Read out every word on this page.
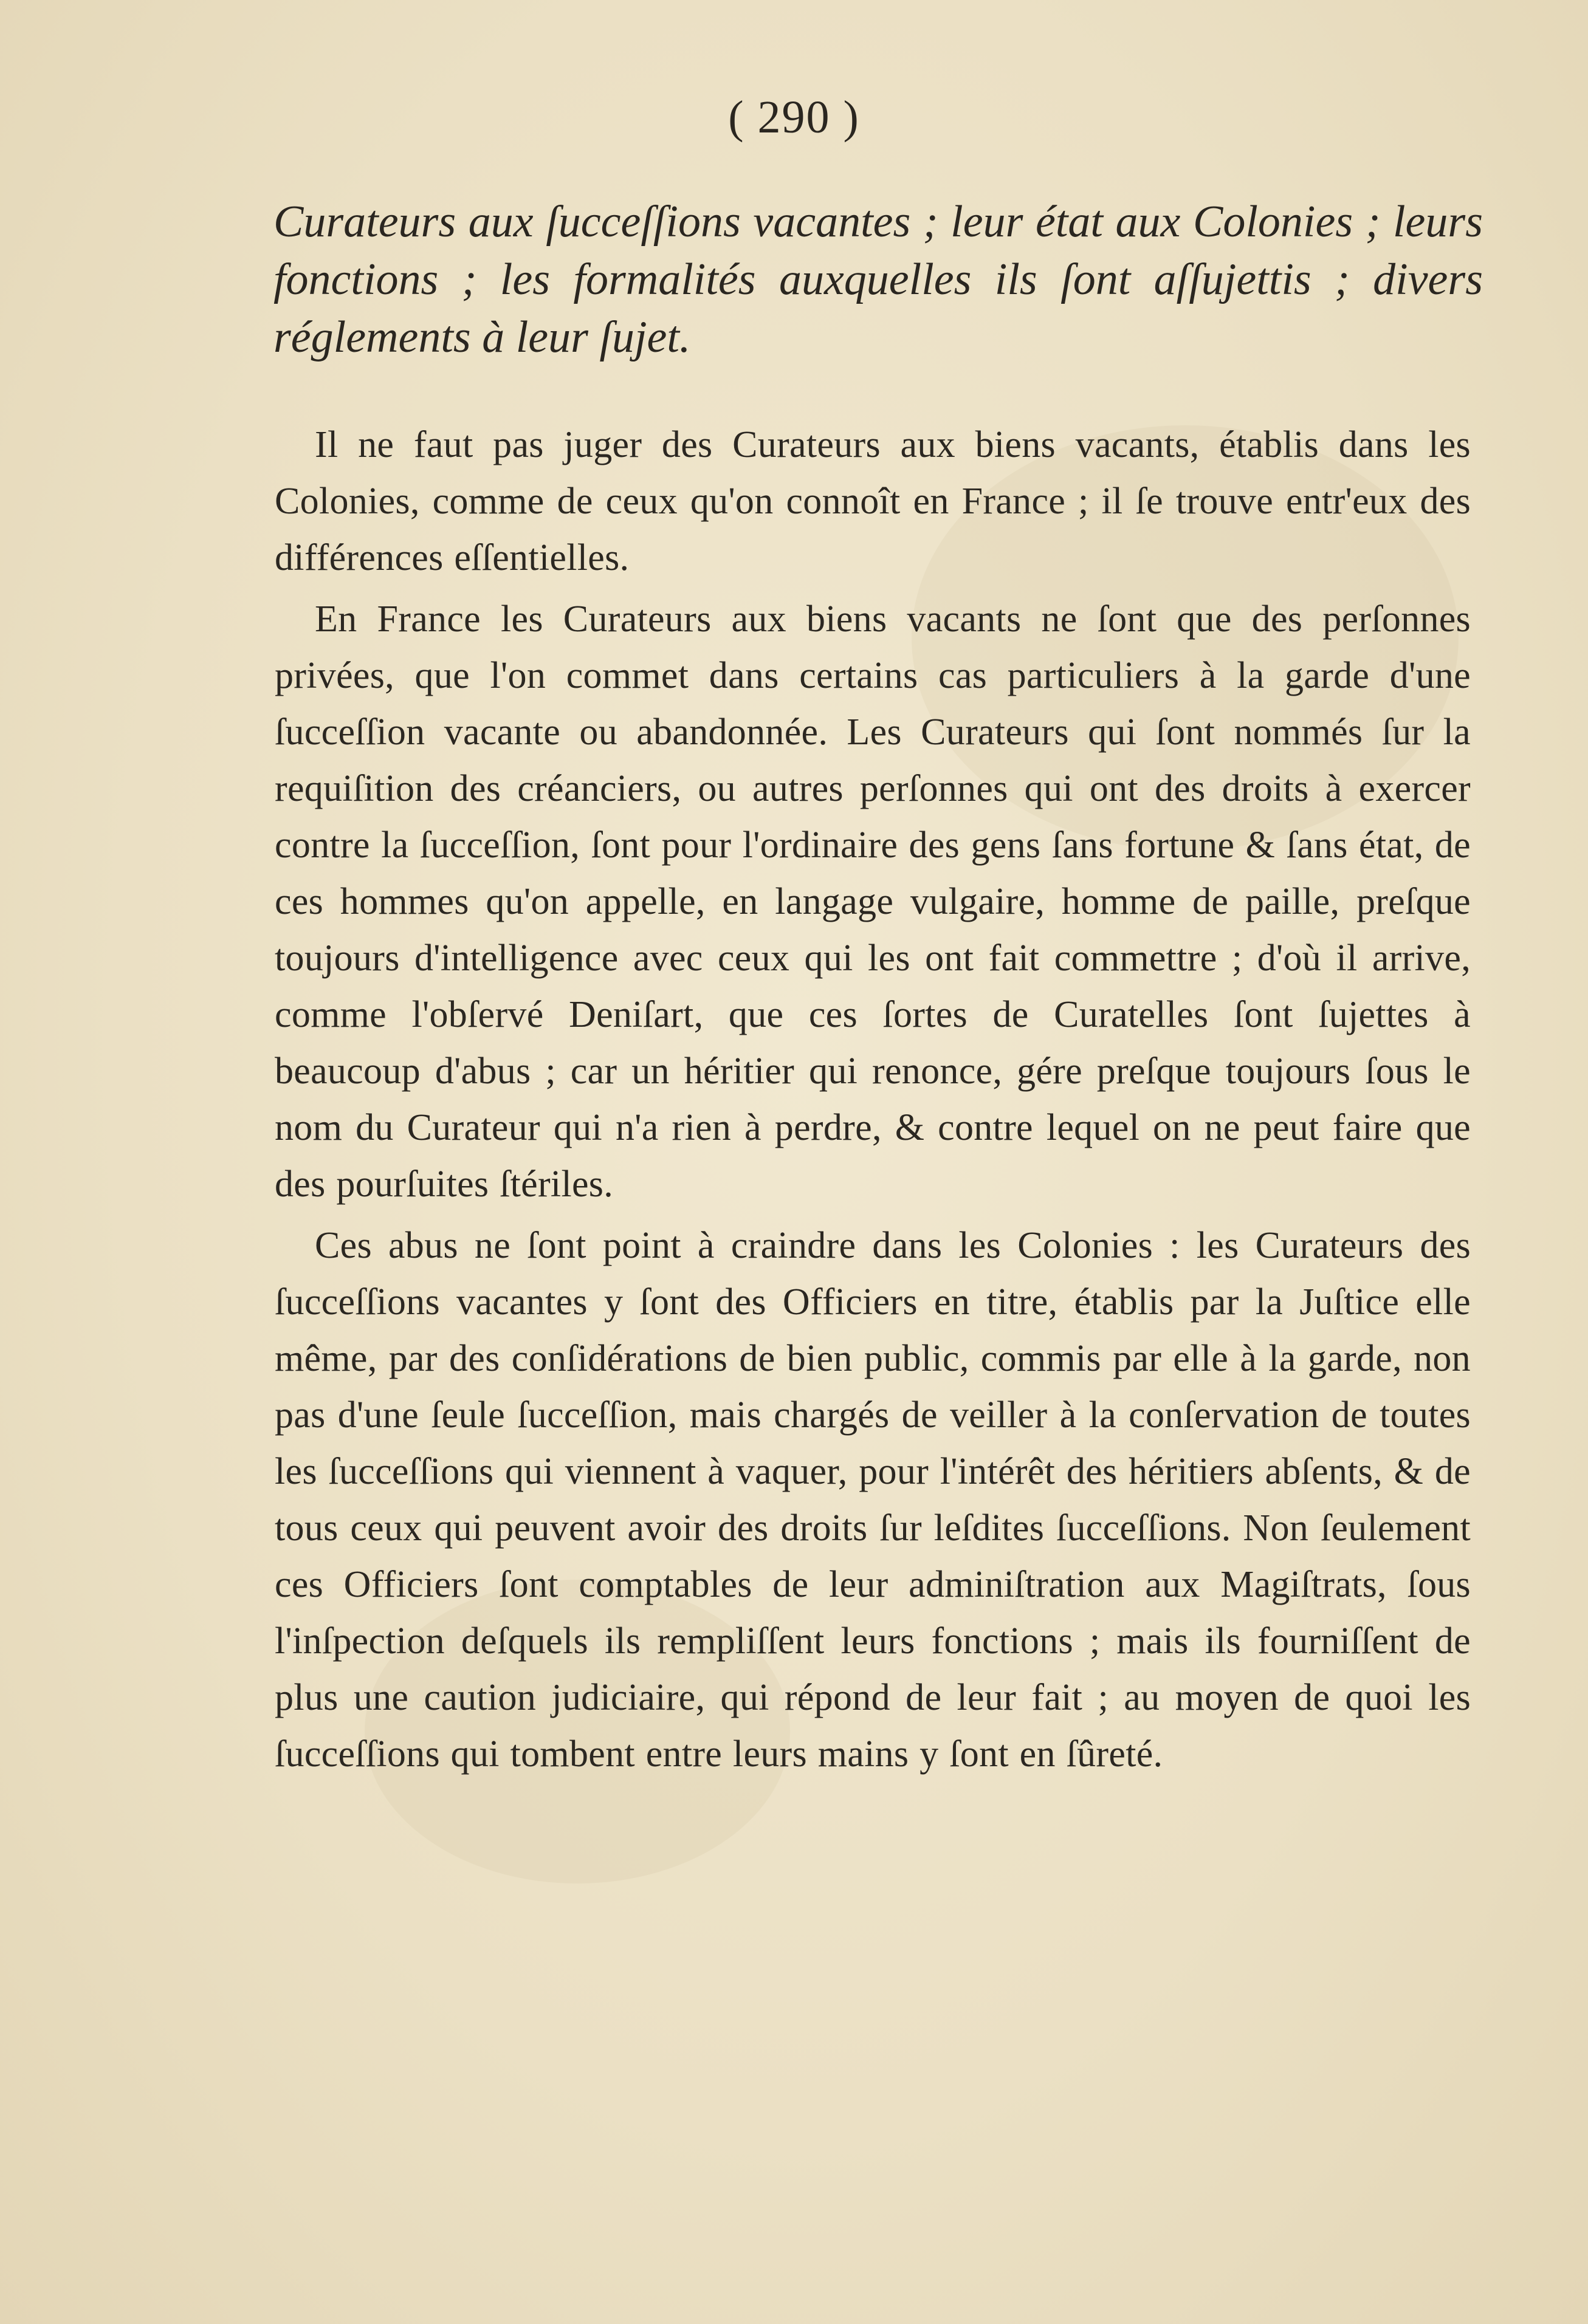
( 290 )
Curateurs aux ſucceſſions vacantes ; leur état aux Colonies ; leurs fonctions ; les formalités auxquelles ils ſont aſſujettis ; divers réglements à leur ſujet.

Il ne faut pas juger des Curateurs aux biens vacants, établis dans les Colonies, comme de ceux qu'on connoît en France ; il ſe trouve entr'eux des différences eſſentielles.

En France les Curateurs aux biens vacants ne ſont que des perſonnes privées, que l'on commet dans certains cas particuliers à la garde d'une ſucceſſion vacante ou abandonnée. Les Curateurs qui ſont nommés ſur la requiſition des créanciers, ou autres perſonnes qui ont des droits à exercer contre la ſucceſſion, ſont pour l'ordinaire des gens ſans fortune & ſans état, de ces hommes qu'on appelle, en langage vulgaire, homme de paille, preſque toujours d'intelligence avec ceux qui les ont fait commettre ; d'où il arrive, comme l'obſervé Deniſart, que ces ſortes de Curatelles ſont ſujettes à beaucoup d'abus ; car un héritier qui renonce, gére preſque toujours ſous le nom du Curateur qui n'a rien à perdre, & contre lequel on ne peut faire que des pourſuites ſtériles.

Ces abus ne ſont point à craindre dans les Colonies : les Curateurs des ſucceſſions vacantes y ſont des Officiers en titre, établis par la Juſtice elle même, par des conſidérations de bien public, commis par elle à la garde, non pas d'une ſeule ſucceſſion, mais chargés de veiller à la conſervation de toutes les ſucceſſions qui viennent à vaquer, pour l'intérêt des héritiers abſents, & de tous ceux qui peuvent avoir des droits ſur leſdites ſucceſſions. Non ſeulement ces Officiers ſont comptables de leur adminiſtration aux Magiſtrats, ſous l'inſpection deſquels ils rempliſſent leurs fonctions ; mais ils fourniſſent de plus une caution judiciaire, qui répond de leur fait ; au moyen de quoi les ſucceſſions qui tombent entre leurs mains y ſont en ſûreté.
